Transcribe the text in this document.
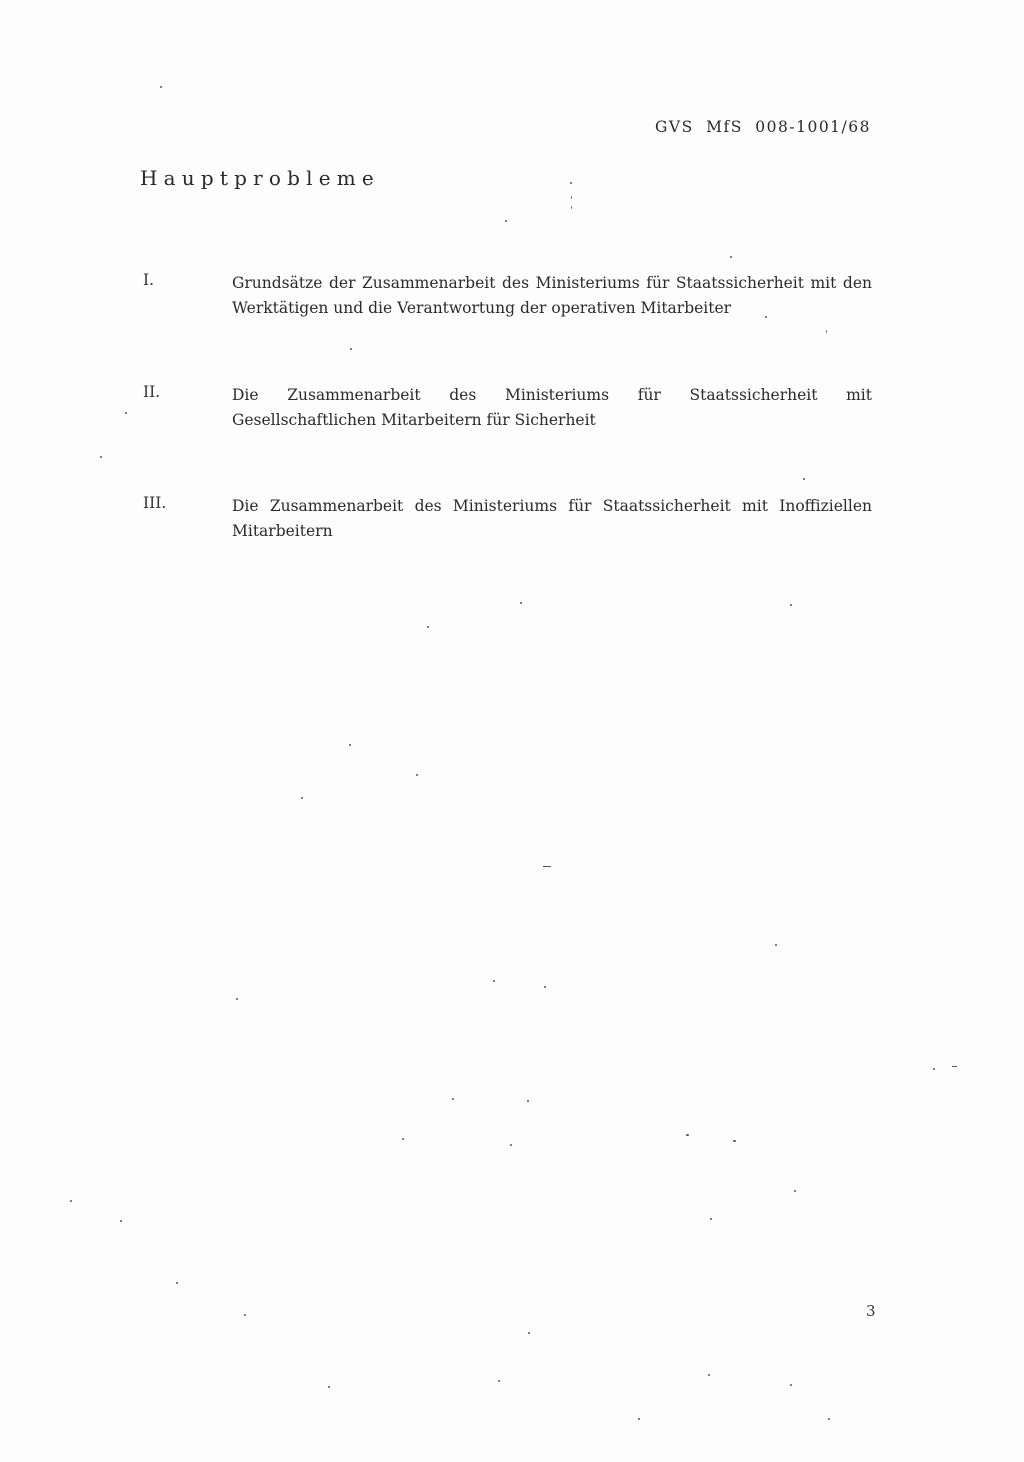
GVS MfS 008-1001/68
Hauptprobleme
I.	Grundsätze der Zusammenarbeit des Ministeriums für Staatssicherheit mit den Werktätigen und die Verantwortung der operativen Mitarbeiter
II.	Die Zusammenarbeit des Ministeriums für Staatssicherheit mit Gesellschaftlichen Mitarbeitern für Sicherheit
III.	Die Zusammenarbeit des Ministeriums für Staatssicherheit mit Inoffiziellen Mitarbeitern
3
